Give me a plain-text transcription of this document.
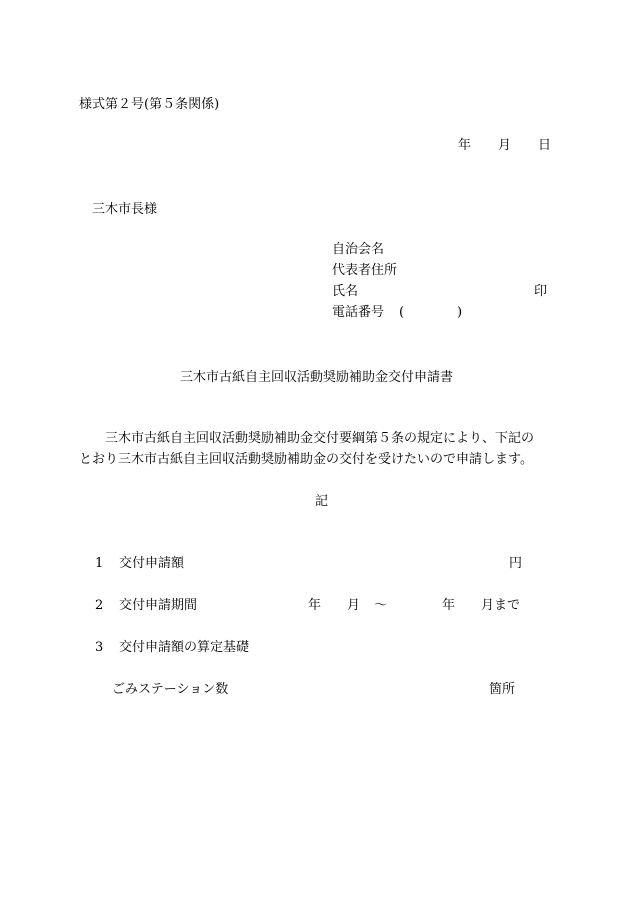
様式第２号(第５条関係)
年 月 日
三木市長様
自治会名
代表者住所
氏名	印
電話番号 (	)
三木市古紙自主回収活動奨励補助金交付申請書
三木市古紙自主回収活動奨励補助金交付要綱第５条の規定により、下記の
とおり三木市古紙自主回収活動奨励補助金の交付を受けたいので申請します。
記
1 交付申請額	円
2 交付申請期間	年 月 ～	年 月まで
3 交付申請額の算定基礎
ごみステーション数	箇所
